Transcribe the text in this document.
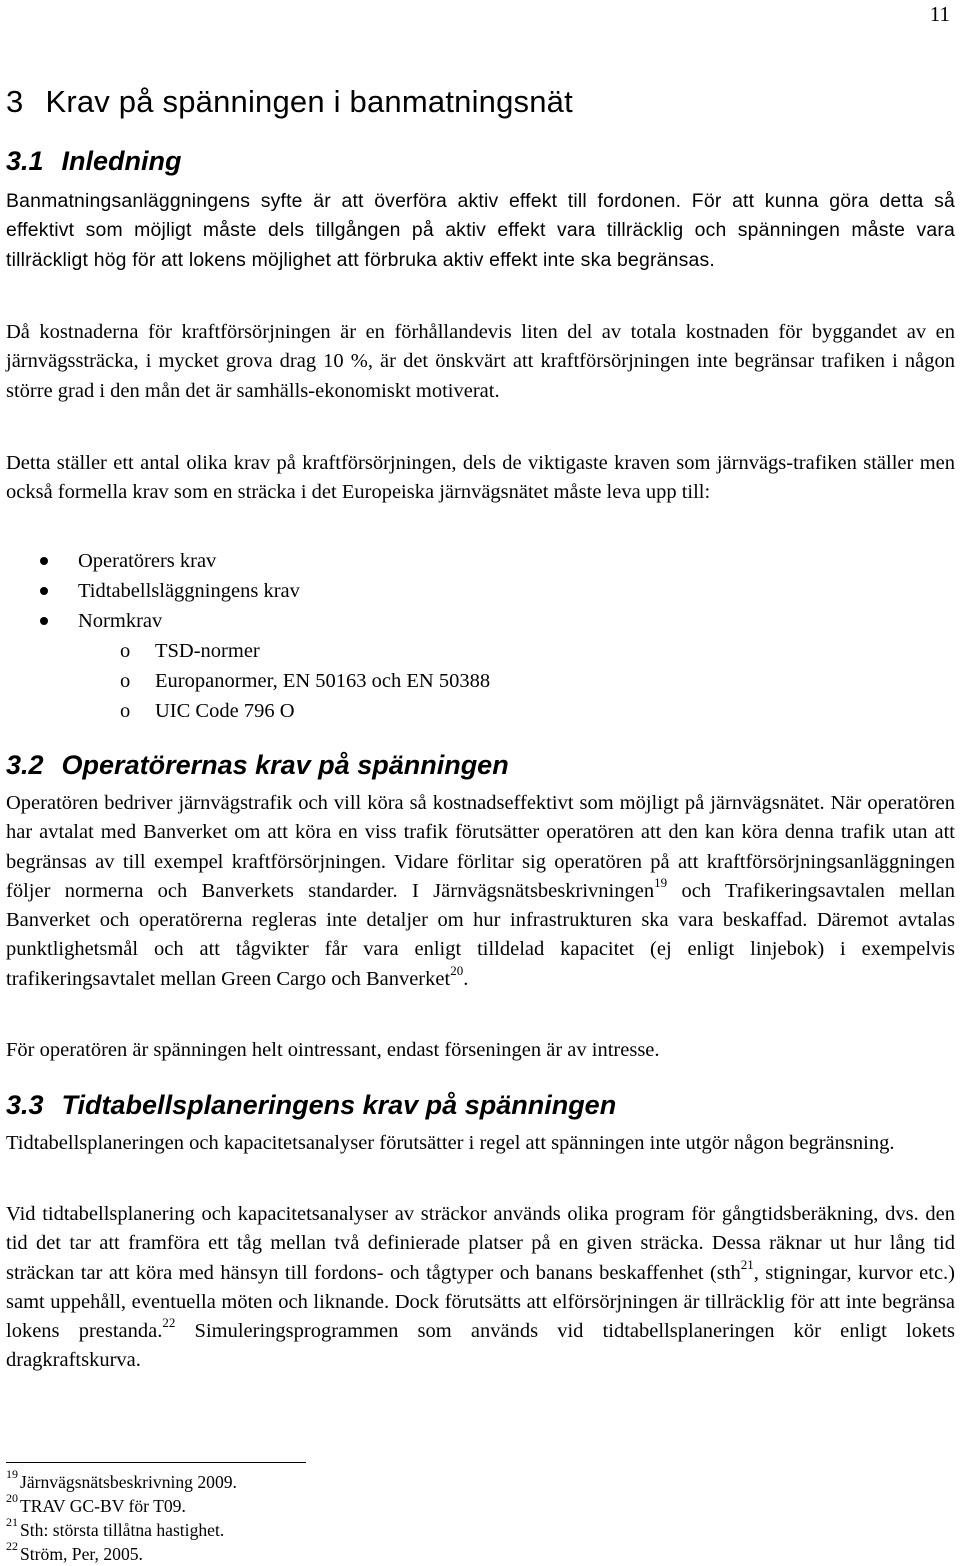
11
3 Krav på spänningen i banmatningsnät
3.1 Inledning

Banmatningsanläggningens syfte är att överföra aktiv effekt till fordonen. För att kunna göra detta så effektivt som möjligt måste dels tillgången på aktiv effekt vara tillräcklig och spänningen måste vara tillräckligt hög för att lokens möjlighet att förbruka aktiv effekt inte ska begränsas.

Då kostnaderna för kraftförsörjningen är en förhållandevis liten del av totala kostnaden för byggandet av en järnvägssträcka, i mycket grova drag 10 %, är det önskvärt att kraftförsörjningen inte begränsar trafiken i någon större grad i den mån det är samhälls-ekonomiskt motiverat.

Detta ställer ett antal olika krav på kraftförsörjningen, dels de viktigaste kraven som järnvägs-trafiken ställer men också formella krav som en sträcka i det Europeiska järnvägsnätet måste leva upp till:

Operatörers krav
Tidtabellsläggningens krav
Normkrav
o TSD-normer
o Europanormer, EN 50163 och EN 50388
o UIC Code 796 O
3.2 Operatörernas krav på spänningen

Operatören bedriver järnvägstrafik och vill köra så kostnadseffektivt som möjligt på järnvägsnätet. När operatören har avtalat med Banverket om att köra en viss trafik förutsätter operatören att den kan köra denna trafik utan att begränsas av till exempel kraftförsörjningen. Vidare förlitar sig operatören på att kraftförsörjningsanläggningen följer normerna och Banverkets standarder. I Järnvägsnätsbeskrivningen$^{19}$ och Trafikeringsavtalen mellan Banverket och operatörerna regleras inte detaljer om hur infrastrukturen ska vara beskaffad. Däremot avtalas punktlighetsmål och att tågvikter får vara enligt tilldelad kapacitet (ej enligt linjebok) i exempelvis trafikeringsavtalet mellan Green Cargo och Banverket$^{20}$.

För operatören är spänningen helt ointressant, endast förseningen är av intresse.

3.3 Tidtabellsplaneringens krav på spänningen

Tidtabellsplaneringen och kapacitetsanalyser förutsätter i regel att spänningen inte utgör någon begränsning.

Vid tidtabellsplanering och kapacitetsanalyser av sträckor används olika program för gångtidsberäkning, dvs. den tid det tar att framföra ett tåg mellan två definierade platser på en given sträcka. Dessa räknar ut hur lång tid sträckan tar att köra med hänsyn till fordons- och tågtyper och banans beskaffenhet (sth$^{21}$, stigningar, kurvor etc.) samt uppehåll, eventuella möten och liknande. Dock förutsätts att elförsörjningen är tillräcklig för att inte begränsa lokens prestanda.$^{22}$ Simuleringsprogrammen som används vid tidtabellsplaneringen kör enligt lokets dragkraftskurva.

$^{19}$ Järnvägsnätsbeskrivning 2009.
$^{20}$ TRAV GC-BV för T09.
$^{21}$ Sth: största tillåtna hastighet.
$^{22}$ Ström, Per, 2005.
